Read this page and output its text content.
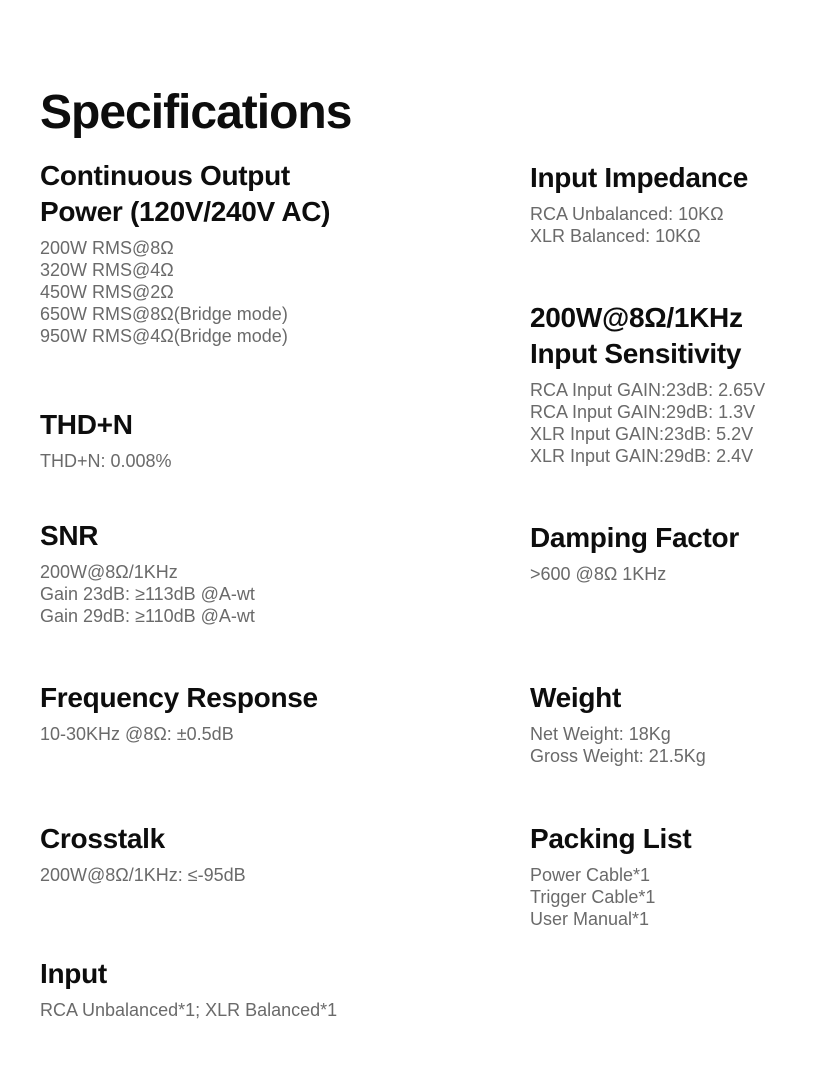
Specifications
Continuous Output
Power (120V/240V AC)
200W RMS@8Ω
320W RMS@4Ω
450W RMS@2Ω
650W RMS@8Ω(Bridge mode)
950W RMS@4Ω(Bridge mode)
THD+N
THD+N: 0.008%
SNR
200W@8Ω/1KHz
Gain 23dB: ≥113dB @A-wt
Gain 29dB: ≥110dB @A-wt
Frequency Response
10-30KHz @8Ω: ±0.5dB
Crosstalk
200W@8Ω/1KHz: ≤-95dB
Input
RCA Unbalanced*1; XLR Balanced*1
Input Impedance
RCA Unbalanced: 10KΩ
XLR Balanced: 10KΩ
200W@8Ω/1KHz
Input Sensitivity
RCA Input GAIN:23dB: 2.65V
RCA Input GAIN:29dB: 1.3V
XLR Input GAIN:23dB: 5.2V
XLR Input GAIN:29dB: 2.4V
Damping Factor
>600 @8Ω 1KHz
Weight
Net Weight: 18Kg
Gross Weight: 21.5Kg
Packing List
Power Cable*1
Trigger Cable*1
User Manual*1
